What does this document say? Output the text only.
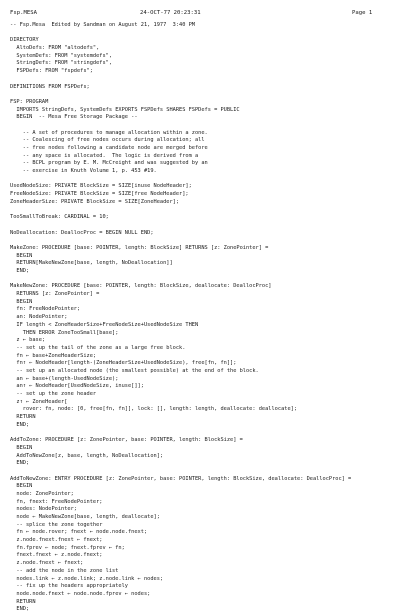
Fsp.MESA	24-OCT-77 20:23:31	Page 1
-- Fsp.Mesa  Edited by Sandman on August 21, 1977  3:40 PM
DIRECTORY
AltoDefs: FROM "altodefs",
SystemDefs: FROM "systemdefs",
StringDefs: FROM "stringdefs",
FSPDefs: FROM "fspdefs";
DEFINITIONS FROM FSPDefs;
FSP: PROGRAM
IMPORTS StringDefs, SystemDefs EXPORTS FSPDefs SHARES FSPDefs = PUBLIC
BEGIN  -- Mesa Free Storage Package --
-- A set of procedures to manage allocation within a zone.
-- Coalescing of free nodes occurs during allocation; all
-- free nodes following a candidate node are merged before
-- any space is allocated.  The logic is derived from a
-- BCPL program by E. M. McCreight and was suggested by an
-- exercise in Knuth Volume 1, p. 453 #19.
UsedNodeSize: PRIVATE BlockSize = SIZE[inuse NodeHeader];
FreeNodeSize: PRIVATE BlockSize = SIZE[free NodeHeader];
ZoneHeaderSize: PRIVATE BlockSize = SIZE[ZoneHeader];
TooSmallToBreak: CARDINAL = 10;
NoDeallocation: DeallocProc = BEGIN NULL END;
MakeZone: PROCEDURE [base: POINTER, length: BlockSize] RETURNS [z: ZonePointer] =
BEGIN
RETURN[MakeNewZone[base, length, NoDeallocation]]
END;
MakeNewZone: PROCEDURE [base: POINTER, length: BlockSize, deallocate: DeallocProc]
RETURNS [z: ZonePointer] =
BEGIN
fn: FreeNodePointer;
an: NodePointer;
IF length < ZoneHeaderSize+FreeNodeSize+UsedNodeSize THEN
THEN ERROR ZoneTooSmall[base];
z ← base;
-- set up the tail of the zone as a large free block.
fn ← base+ZoneHeaderSize;
fn↑ ← NodeHeader[length-(ZoneHeaderSize+UsedNodeSize), free[fn, fn]];
-- set up an allocated node (the smallest possible) at the end of the block.
an ← base+(length-UsedNodeSize);
an↑ ← NodeHeader[UsedNodeSize, inuse[]];
-- set up the zone header
z↑ ← ZoneHeader[
rover: fn, node: [0, free[fn, fn]], lock: [], length: length, deallocate: deallocate];
RETURN
END;
AddToZone: PROCEDURE [z: ZonePointer, base: POINTER, length: BlockSize] =
BEGIN
AddToNewZone[z, base, length, NoDeallocation];
END;
AddToNewZone: ENTRY PROCEDURE [z: ZonePointer, base: POINTER, length: BlockSize, deallocate: DeallocProc] =
BEGIN
node: ZonePointer;
fn, fnext: FreeNodePointer;
nodes: NodePointer;
node ← MakeNewZone[base, length, deallocate];
-- splice the zone together
fn ← node.rover; fnext ← node.node.fnext;
z.node.fnext.fnext ← fnext;
fn.fprev ← node; fnext.fprev ← fn;
fnext.fnext ← z.node.fnext;
z.node.fnext ← fnext;
-- add the node in the zone list
nodes.link ← z.node.link; z.node.link ← nodes;
-- fix up the headers appropriately
node.node.fnext ← node.node.fprev ← nodes;
RETURN
END;
